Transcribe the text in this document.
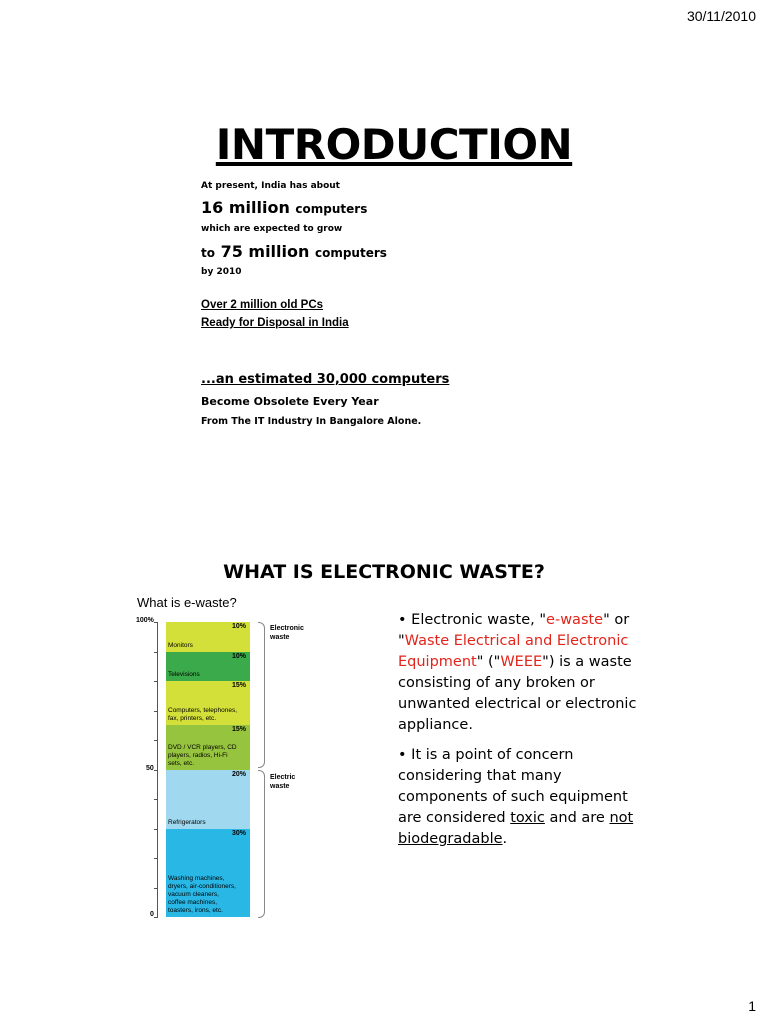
30/11/2010
INTRODUCTION
At present, India has about
16 million computers
which are expected to grow
to 75 million computers
by 2010
Over 2 million old PCs
Ready for Disposal in India
...an estimated 30,000 computers
Become Obsolete Every Year
From The IT Industry In Bangalore Alone.
WHAT IS ELECTRONIC WASTE?
What is e-waste?
100%
50
0
10%
Monitors
10%
Televisions
15%
Computers, telephones, fax, printers, etc.
15%
DVD / VCR players, CD players, radios, Hi-Fi sets, etc.
20%
Refrigerators
30%
Washing machines, dryers, air-conditioners, vacuum cleaners, coffee machines, toasters, irons, etc.
Electronic waste
Electric waste

• Electronic waste, "e-waste" or "Waste Electrical and Electronic Equipment" ("WEEE") is a waste consisting of any broken or unwanted electrical or electronic appliance.

• It is a point of concern considering that many components of such equipment are considered toxic and are not biodegradable.

1
